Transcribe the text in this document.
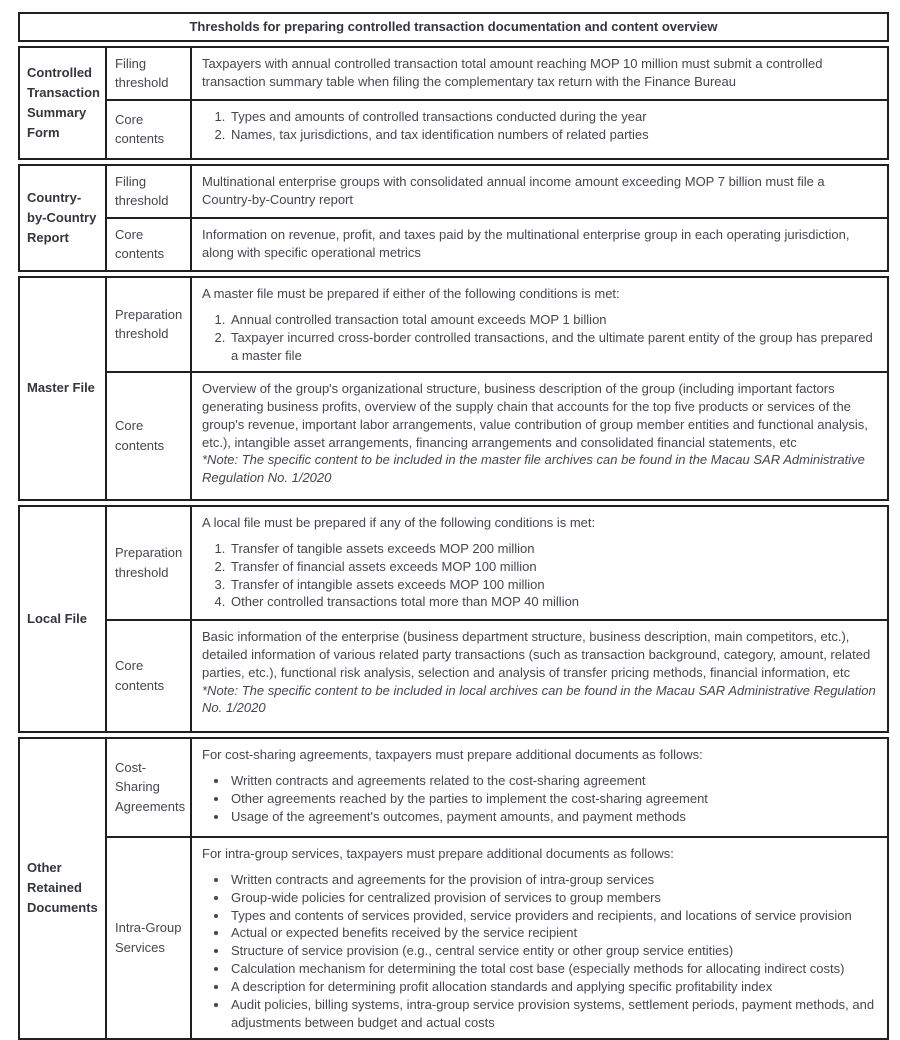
Thresholds for preparing controlled transaction documentation and content overview
Controlled Transaction Summary Form
Filing threshold

Taxpayers with annual controlled transaction total amount reaching MOP 10 million must submit a controlled transaction summary table when filing the complementary tax return with the Finance Bureau

Core contents
1. Types and amounts of controlled transactions conducted during the year
2. Names, tax jurisdictions, and tax identification numbers of related parties
Country-by-Country Report
Filing threshold

Multinational enterprise groups with consolidated annual income amount exceeding MOP 7 billion must file a Country-by-Country report

Core contents

Information on revenue, profit, and taxes paid by the multinational enterprise group in each operating jurisdiction, along with specific operational metrics

Master File
Preparation threshold

A master file must be prepared if either of the following conditions is met:

1. Annual controlled transaction total amount exceeds MOP 1 billion
2. Taxpayer incurred cross-border controlled transactions, and the ultimate parent entity of the group has prepared a master file
Core contents

Overview of the group's organizational structure, business description of the group (including important factors generating business profits, overview of the supply chain that accounts for the top five products or services of the group's revenue, important labor arrangements, value contribution of group member entities and functional analysis, etc.), intangible asset arrangements, financing arrangements and consolidated financial statements, etc

*Note: The specific content to be included in the master file archives can be found in the Macau SAR Administrative Regulation No. 1/2020

Local File
Preparation threshold

A local file must be prepared if any of the following conditions is met:

1. Transfer of tangible assets exceeds MOP 200 million
2. Transfer of financial assets exceeds MOP 100 million
3. Transfer of intangible assets exceeds MOP 100 million
4. Other controlled transactions total more than MOP 40 million
Core contents

Basic information of the enterprise (business department structure, business description, main competitors, etc.), detailed information of various related party transactions (such as transaction background, category, amount, related parties, etc.), functional risk analysis, selection and analysis of transfer pricing methods, financial information, etc

*Note: The specific content to be included in local archives can be found in the Macau SAR Administrative Regulation No. 1/2020

Other Retained Documents
Cost-Sharing Agreements

For cost-sharing agreements, taxpayers must prepare additional documents as follows:

• Written contracts and agreements related to the cost-sharing agreement
• Other agreements reached by the parties to implement the cost-sharing agreement
• Usage of the agreement's outcomes, payment amounts, and payment methods
Intra-Group Services

For intra-group services, taxpayers must prepare additional documents as follows:

• Written contracts and agreements for the provision of intra-group services
• Group-wide policies for centralized provision of services to group members
• Types and contents of services provided, service providers and recipients, and locations of service provision
• Actual or expected benefits received by the service recipient
• Structure of service provision (e.g., central service entity or other group service entities)
• Calculation mechanism for determining the total cost base (especially methods for allocating indirect costs)
• A description for determining profit allocation standards and applying specific profitability index
• Audit policies, billing systems, intra-group service provision systems, settlement periods, payment methods, and adjustments between budget and actual costs
